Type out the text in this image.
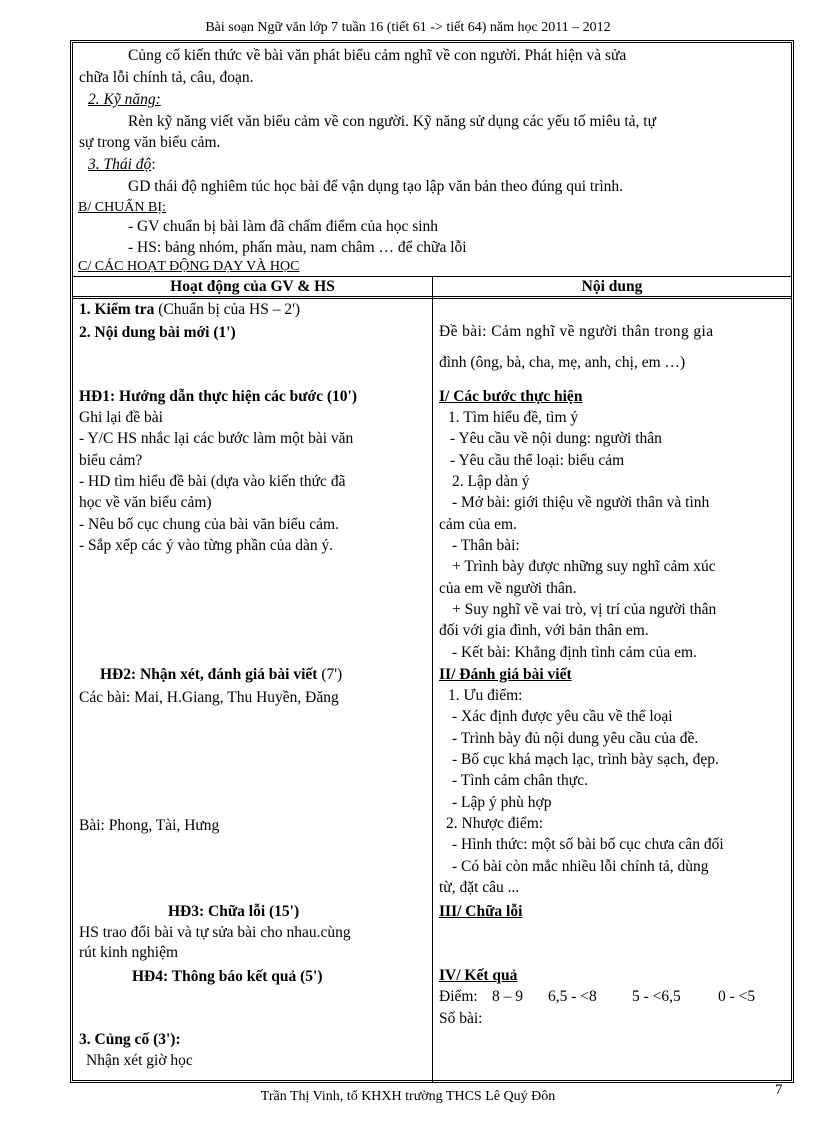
Bài soạn Ngữ văn lớp 7 tuần 16 (tiết 61 -> tiết 64) năm học 2011 – 2012
Củng cố kiến thức về bài văn phát biểu cảm nghĩ về con người. Phát hiện và sửa
chữa lỗi chính tả, câu, đoạn.
2. Kỹ năng:
Rèn kỹ năng viết văn biểu cảm về con người. Kỹ năng sử dụng các yếu tố miêu tả, tự
sự trong văn biểu cảm.
3. Thái độ:
GD thái độ nghiêm túc học bài để vận dụng tạo lập văn bản theo đúng qui trình.
B/ CHUẨN BỊ:
- GV chuẩn bị bài làm đã chấm điểm của học sinh
- HS: bảng nhóm, phấn màu, nam châm … để chữa lỗi
C/ CÁC HOẠT ĐỘNG DẠY VÀ HỌC
Hoạt động của GV & HS	Nội dung
1. Kiểm tra (Chuẩn bị của HS – 2')
2. Nội dung bài mới (1')
HĐ1: Hướng dẫn thực hiện các bước (10')
Ghi lại đề bài
- Y/C HS nhắc lại các bước làm một bài văn
biểu cảm?
- HD tìm hiểu đề bài (dựa vào kiến thức đã
học về văn biểu cảm)
- Nêu bố cục chung của bài văn biểu cảm.
- Sắp xếp các ý vào từng phần của dàn ý.
HĐ2: Nhận xét, đánh giá bài viết (7')
Các bài: Mai, H.Giang, Thu Huyền, Đăng
Bài: Phong, Tài, Hưng
HĐ3: Chữa lỗi (15')
HS trao đổi bài và tự sửa bài cho nhau.cùng
rút kinh nghiệm
HĐ4: Thông báo kết quả (5')
3. Củng cố (3'):
Nhận xét giờ học
Đề bài: Cảm nghĩ về người thân trong gia
đình (ông, bà, cha, mẹ, anh, chị, em …)
I/ Các bước thực hiện
1. Tìm hiểu đề, tìm ý
- Yêu cầu về nội dung: người thân
- Yêu cầu thể loại: biểu cảm
2. Lập dàn ý
- Mở bài: giới thiệu về người thân và tình
cảm của em.
- Thân bài:
+ Trình bày được những suy nghĩ cảm xúc
của em về người thân.
+ Suy nghĩ về vai trò, vị trí của người thân
đối với gia đình, với bản thân em.
- Kết bài: Khẳng định tình cảm của em.
II/ Đánh giá bài viết
1. Ưu điểm:
- Xác định được yêu cầu về thể loại
- Trình bày đủ nội dung yêu cầu của đề.
- Bố cục khá mạch lạc, trình bày sạch, đẹp.
- Tình cảm chân thực.
- Lập ý phù hợp
2. Nhược điểm:
- Hình thức: một số bài bố cục chưa cân đối
- Có bài còn mắc nhiều lỗi chính tả, dùng
từ, đặt câu ...
III/ Chữa lỗi
IV/ Kết quả
Điểm: 8 – 9 6,5 - <8 5 - <6,5 0 - <5
Số bài:
Trần Thị Vinh, tổ KHXH trường THCS Lê Quý Đôn	7
